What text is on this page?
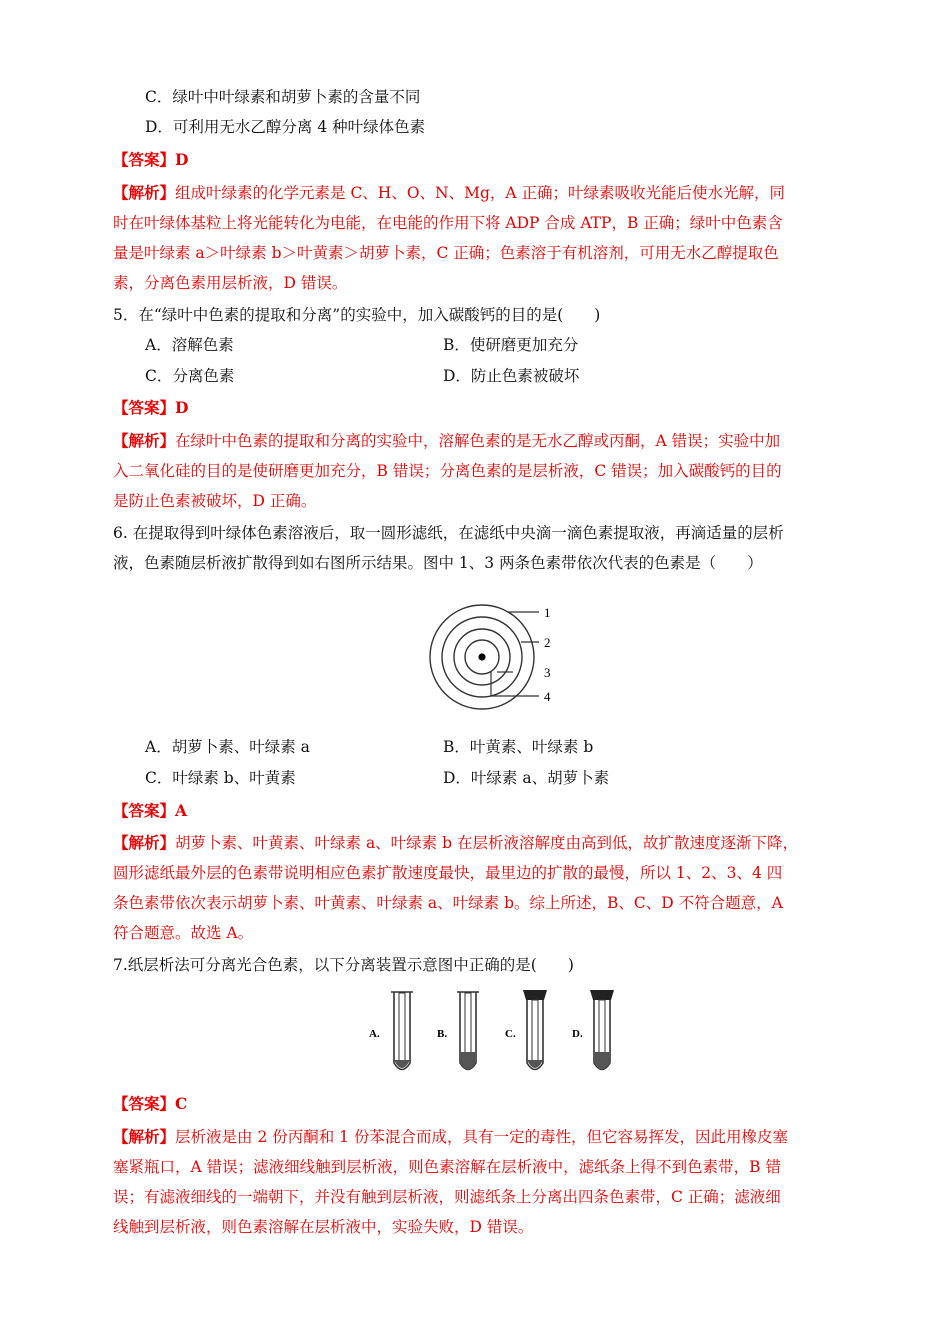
C．绿叶中叶绿素和胡萝卜素的含量不同
D．可利用无水乙醇分离 4 种叶绿体色素
【答案】D
【解析】组成叶绿素的化学元素是 C、H、O、N、Mg，A 正确；叶绿素吸收光能后使水光解，同
时在叶绿体基粒上将光能转化为电能，在电能的作用下将 ADP 合成 ATP，B 正确；绿叶中色素含
量是叶绿素 a＞叶绿素 b＞叶黄素＞胡萝卜素，C 正确；色素溶于有机溶剂，可用无水乙醇提取色
素，分离色素用层析液，D 错误。
5．在“绿叶中色素的提取和分离”的实验中，加入碳酸钙的目的是(　　)
A．溶解色素	B．使研磨更加充分
C．分离色素	D．防止色素被破坏
【答案】D
【解析】在绿叶中色素的提取和分离的实验中，溶解色素的是无水乙醇或丙酮，A 错误；实验中加
入二氧化硅的目的是使研磨更加充分，B 错误；分离色素的是层析液，C 错误；加入碳酸钙的目的
是防止色素被破坏，D 正确。
6. 在提取得到叶绿体色素溶液后，取一圆形滤纸，在滤纸中央滴一滴色素提取液，再滴适量的层析
液，色素随层析液扩散得到如右图所示结果。图中 1、3 两条色素带依次代表的色素是（　　）
1
2
3
4
A．胡萝卜素、叶绿素 a	B．叶黄素、叶绿素 b
C．叶绿素 b、叶黄素	D．叶绿素 a、胡萝卜素
【答案】A
【解析】胡萝卜素、叶黄素、叶绿素 a、叶绿素 b 在层析液溶解度由高到低，故扩散速度逐渐下降，
圆形滤纸最外层的色素带说明相应色素扩散速度最快，最里边的扩散的最慢，所以 1、2、3、4 四
条色素带依次表示胡萝卜素、叶黄素、叶绿素 a、叶绿素 b。综上所述，B、C、D 不符合题意，A
符合题意。故选 A。
7.纸层析法可分离光合色素，以下分离装置示意图中正确的是(　　)
A.	B.	C.	D.
【答案】C
【解析】层析液是由 2 份丙酮和 1 份苯混合而成，具有一定的毒性，但它容易挥发，因此用橡皮塞
塞紧瓶口，A 错误；滤液细线触到层析液，则色素溶解在层析液中，滤纸条上得不到色素带，B 错
误；有滤液细线的一端朝下，并没有触到层析液，则滤纸条上分离出四条色素带，C 正确；滤液细
线触到层析液，则色素溶解在层析液中，实验失败，D 错误。
